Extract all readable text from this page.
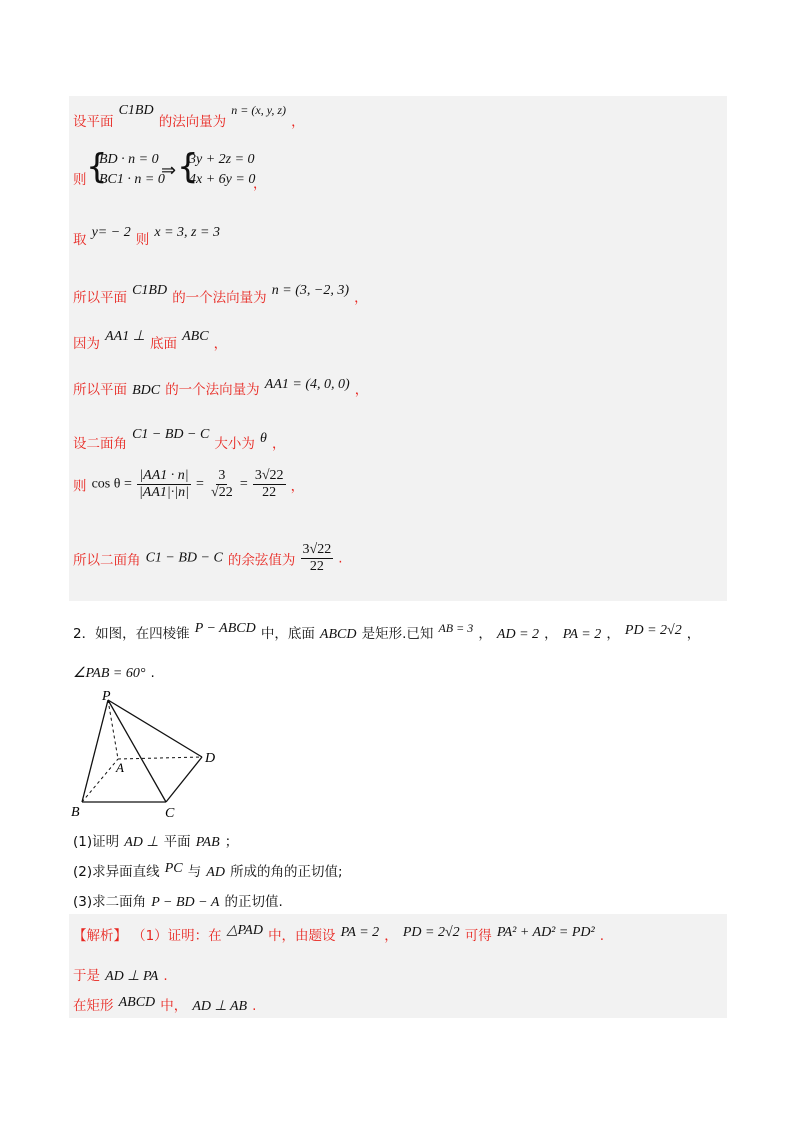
设平面 C1BD 的法向量为 $^{n = (x, y, z)}$ ，
则 {
BD · n = 0
BC1 · n = 0
⇒ {
3y + 2z = 0
4x + 6y = 0
，
取 y= − 2 则 x = 3, z = 3
所以平面 C1BD 的一个法向量为 n = (3, −2, 3) ，
因为 AA1 ⊥ 底面 ABC ，
所以平面 BDC 的一个法向量为 AA1 = (4, 0, 0) ，
设二面角 C1 − BD − C 大小为 θ ，
则 $\cos \theta = \frac{|AA1 \cdot n|}{|AA1|\cdot|n|} = \frac{3}{√22} = \frac{3√22}{22}$ ，
所以二面角 C1 − BD − C 的余弦值为 $\frac{3√22}{22}$ .
2．如图，在四棱锥 P − ABCD 中，底面 ABCD 是矩形.已知 $^{AB = 3}$ ， AD = 2 ， PA = 2 ， PD = 2√2 ，
∠PAB = 60° .
P
A
B	C
D
(1)证明 AD ⊥ 平面 PAB ；
(2)求异面直线 PC 与 AD 所成的角的正切值;
(3)求二面角 P − BD − A 的正切值.
【解析】 （1）证明：在 △PAD 中，由题设 PA = 2 ， PD = 2√2 可得 PA² + AD² = PD² .
于是 AD ⊥ PA .
在矩形 ABCD 中， AD ⊥ AB .
